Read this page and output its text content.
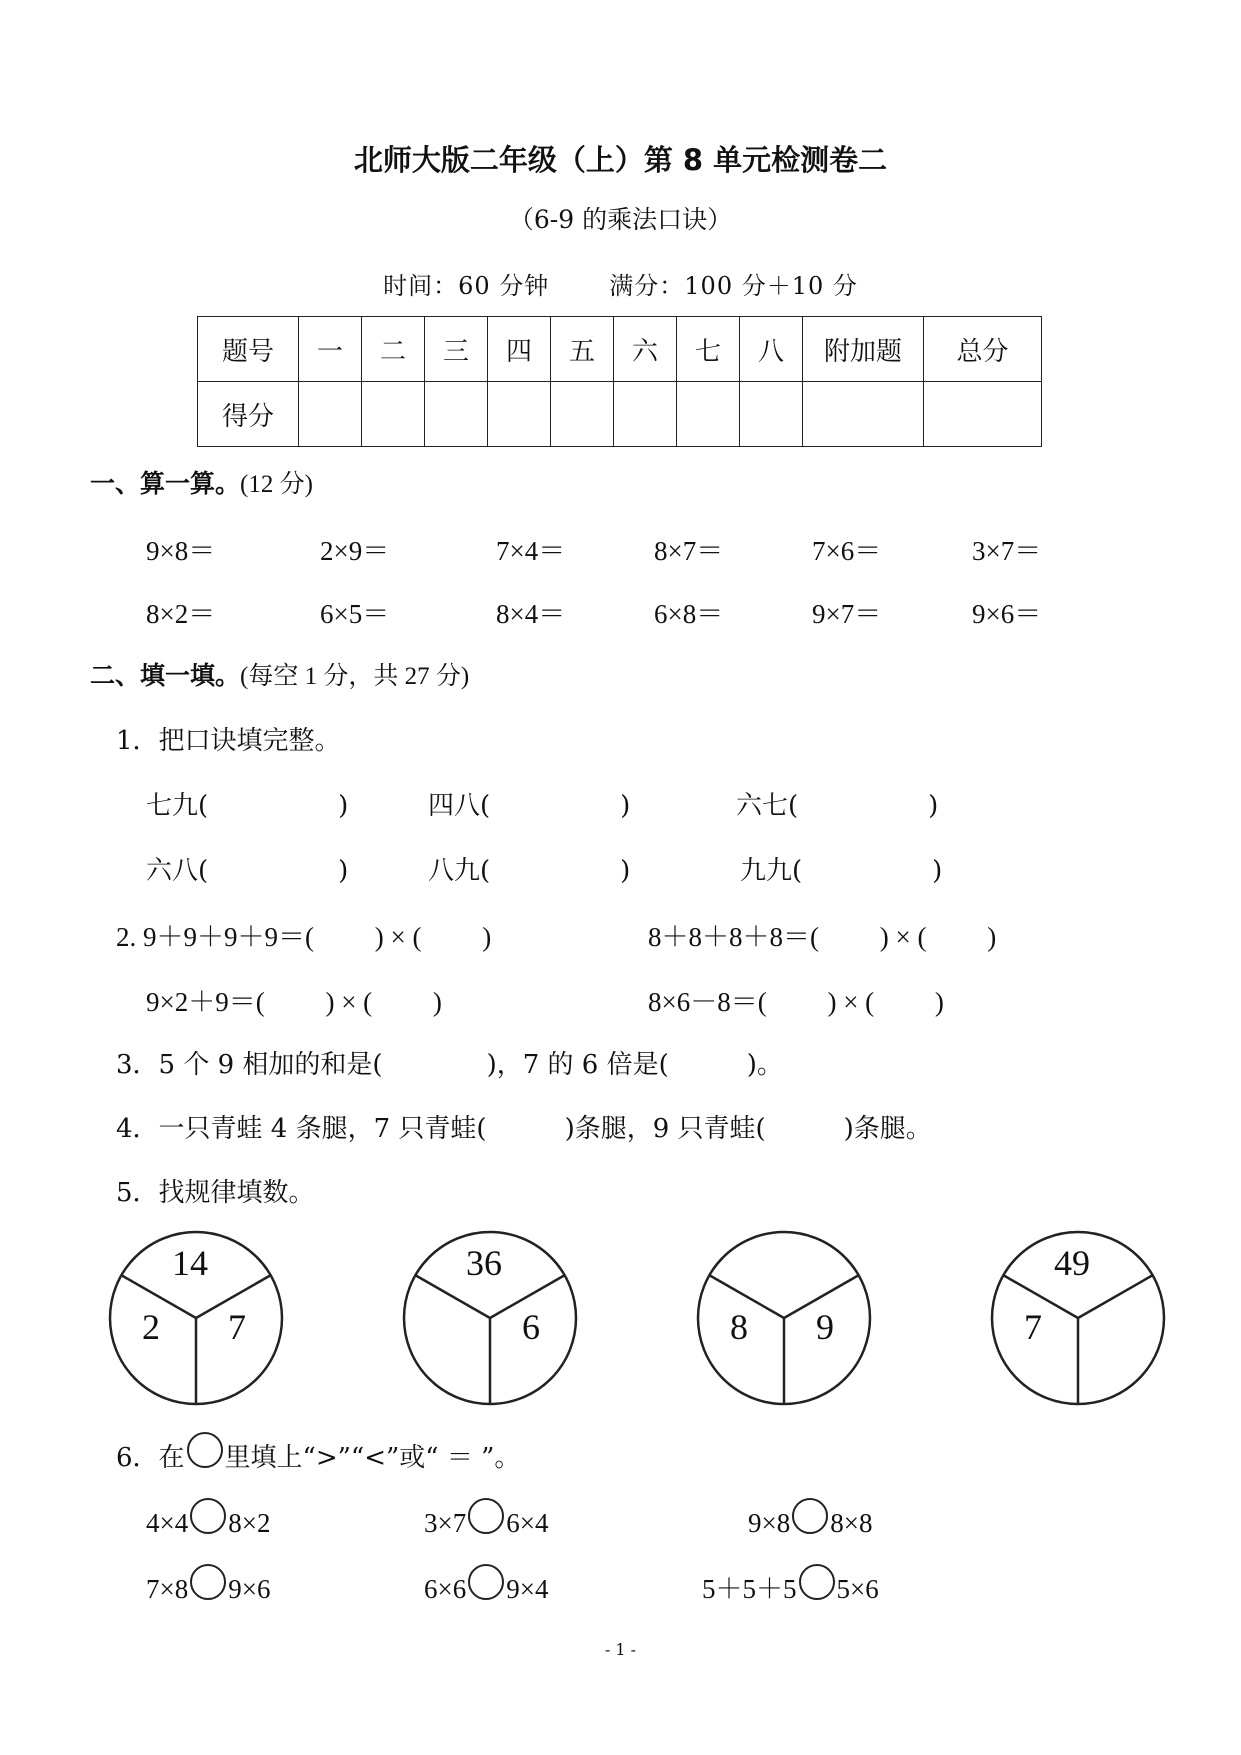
北师大版二年级（上）第 8 单元检测卷二
（6-9 的乘法口诀）
时间：60 分钟	满分：100 分＋10 分
题号	一	二	三	四	五	六	七	八	附加题	总分
得分										
一、算一算。(12 分)
9×8＝	2×9＝	7×4＝	8×7＝	7×6＝	3×7＝
8×2＝	6×5＝	8×4＝	6×8＝	9×7＝	9×6＝
二、填一填。(每空 1 分，共 27 分)
1．把口诀填完整。
七九(　　　　　)	四八(　　　　　)	六七(　　　　　)
六八(　　　　　)	八九(　　　　　)	九九(　　　　　)
2. 9＋9＋9＋9＝(　　 ) × (　　 )	8＋8＋8＋8＝(　　 ) × (　　 )
9×2＋9＝(　　 ) × (　　 )	8×6－8＝(　　 ) × (　　 )
3．5 个 9 相加的和是(　　　　)，7 的 6 倍是(　　　)。
4．一只青蛙 4 条腿，7 只青蛙(　　　)条腿，9 只青蛙(　　　)条腿。
5．找规律填数。
14
2 7
36
6	8 9
49
7
6．在 里填上“>”“<”或“ ＝ ”。
4×4 8×2	3×7 6×4	9×8 8×8
7×8 9×6	6×6 9×4	5＋5＋5 5×6
- 1 -
